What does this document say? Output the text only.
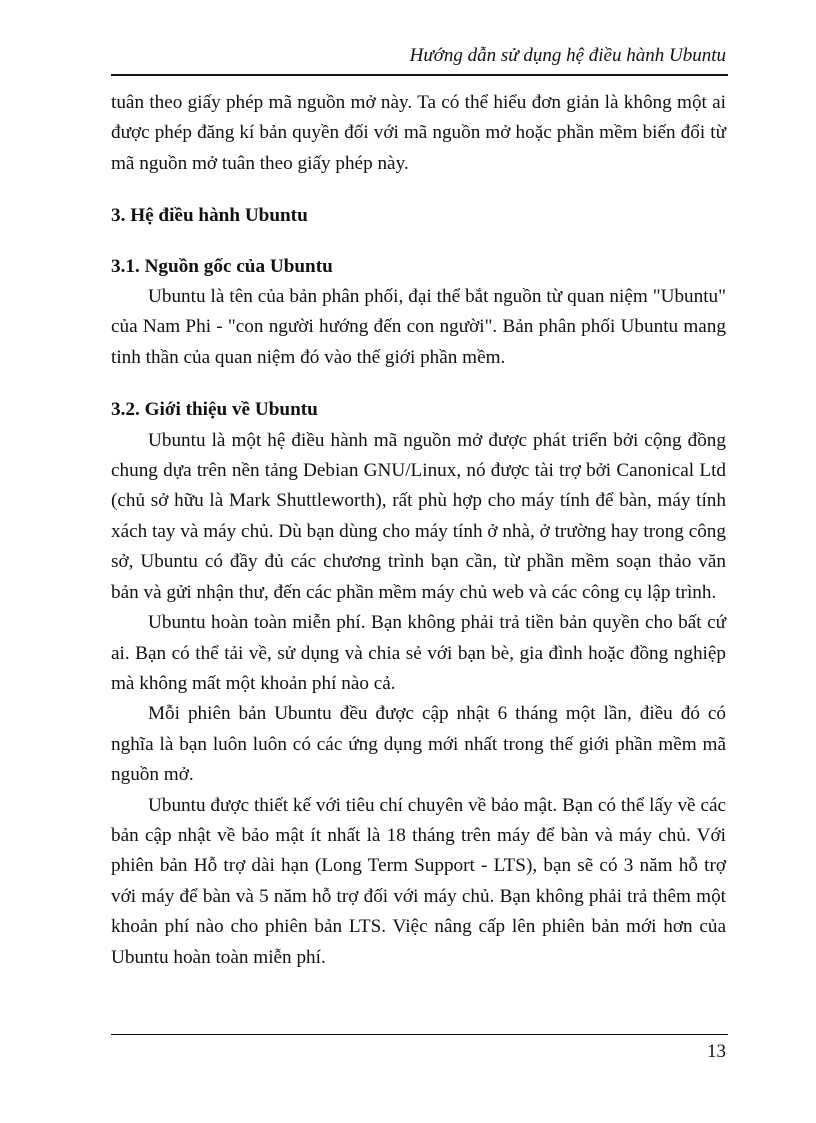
Hướng dẫn sử dụng hệ điều hành Ubuntu

tuân theo giấy phép mã nguồn mở này. Ta có thể hiểu đơn giản là không một ai được phép đăng kí bản quyền đối với mã nguồn mở hoặc phần mềm biến đổi từ mã nguồn mở tuân theo giấy phép này.

3. Hệ điều hành Ubuntu
3.1. Nguồn gốc của Ubuntu

Ubuntu là tên của bản phân phối, đại thể bắt nguồn từ quan niệm "Ubuntu" của Nam Phi - "con người hướng đến con người". Bản phân phối Ubuntu mang tinh thần của quan niệm đó vào thế giới phần mềm.

3.2. Giới thiệu về Ubuntu

Ubuntu là một hệ điều hành mã nguồn mở được phát triển bởi cộng đồng chung dựa trên nền tảng Debian GNU/Linux, nó được tài trợ bởi Canonical Ltd (chủ sở hữu là Mark Shuttleworth), rất phù hợp cho máy tính để bàn, máy tính xách tay và máy chủ. Dù bạn dùng cho máy tính ở nhà, ở trường hay trong công sở, Ubuntu có đầy đủ các chương trình bạn cần, từ phần mềm soạn thảo văn bản và gửi nhận thư, đến các phần mềm máy chủ web và các công cụ lập trình.

Ubuntu hoàn toàn miễn phí. Bạn không phải trả tiền bản quyền cho bất cứ ai. Bạn có thể tải về, sử dụng và chia sẻ với bạn bè, gia đình hoặc đồng nghiệp mà không mất một khoản phí nào cả.

Mỗi phiên bản Ubuntu đều được cập nhật 6 tháng một lần, điều đó có nghĩa là bạn luôn luôn có các ứng dụng mới nhất trong thế giới phần mềm mã nguồn mở.

Ubuntu được thiết kế với tiêu chí chuyên về bảo mật. Bạn có thể lấy về các bản cập nhật về bảo mật ít nhất là 18 tháng trên máy để bàn và máy chủ. Với phiên bản Hỗ trợ dài hạn (Long Term Support - LTS), bạn sẽ có 3 năm hỗ trợ với máy để bàn và 5 năm hỗ trợ đối với máy chủ. Bạn không phải trả thêm một khoản phí nào cho phiên bản LTS. Việc nâng cấp lên phiên bản mới hơn của Ubuntu hoàn toàn miễn phí.

13
